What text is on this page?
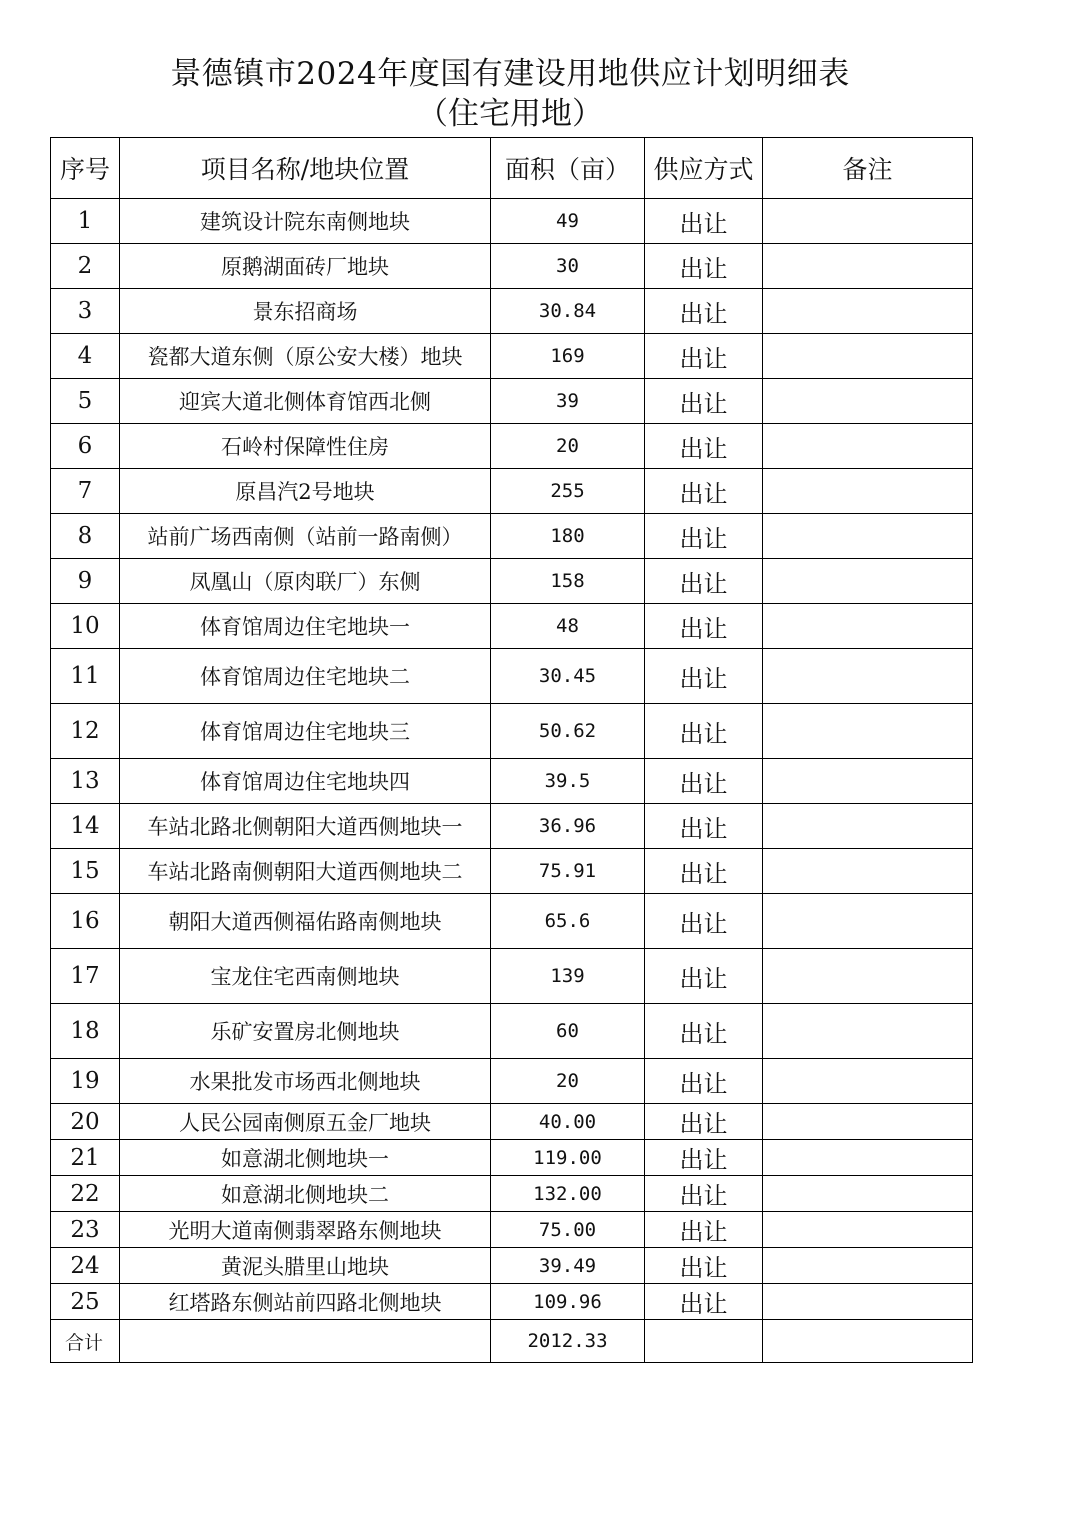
景德镇市2024年度国有建设用地供应计划明细表
（住宅用地）
序号	项目名称/地块位置	面积（亩）	供应方式	备注
1	建筑设计院东南侧地块	49	出让	
2	原鹅湖面砖厂地块	30	出让	
3	景东招商场	30.84	出让	
4	瓷都大道东侧（原公安大楼）地块	169	出让	
5	迎宾大道北侧体育馆西北侧	39	出让	
6	石岭村保障性住房	20	出让	
7	原昌汽2号地块	255	出让	
8	站前广场西南侧（站前一路南侧）	180	出让	
9	凤凰山（原肉联厂）东侧	158	出让	
10	体育馆周边住宅地块一	48	出让	
11	体育馆周边住宅地块二	30.45	出让	
12	体育馆周边住宅地块三	50.62	出让	
13	体育馆周边住宅地块四	39.5	出让	
14	车站北路北侧朝阳大道西侧地块一	36.96	出让	
15	车站北路南侧朝阳大道西侧地块二	75.91	出让	
16	朝阳大道西侧福佑路南侧地块	65.6	出让	
17	宝龙住宅西南侧地块	139	出让	
18	乐矿安置房北侧地块	60	出让	
19	水果批发市场西北侧地块	20	出让	
20	人民公园南侧原五金厂地块	40.00	出让	
21	如意湖北侧地块一	119.00	出让	
22	如意湖北侧地块二	132.00	出让	
23	光明大道南侧翡翠路东侧地块	75.00	出让	
24	黄泥头腊里山地块	39.49	出让	
25	红塔路东侧站前四路北侧地块	109.96	出让	
合计		2012.33		
